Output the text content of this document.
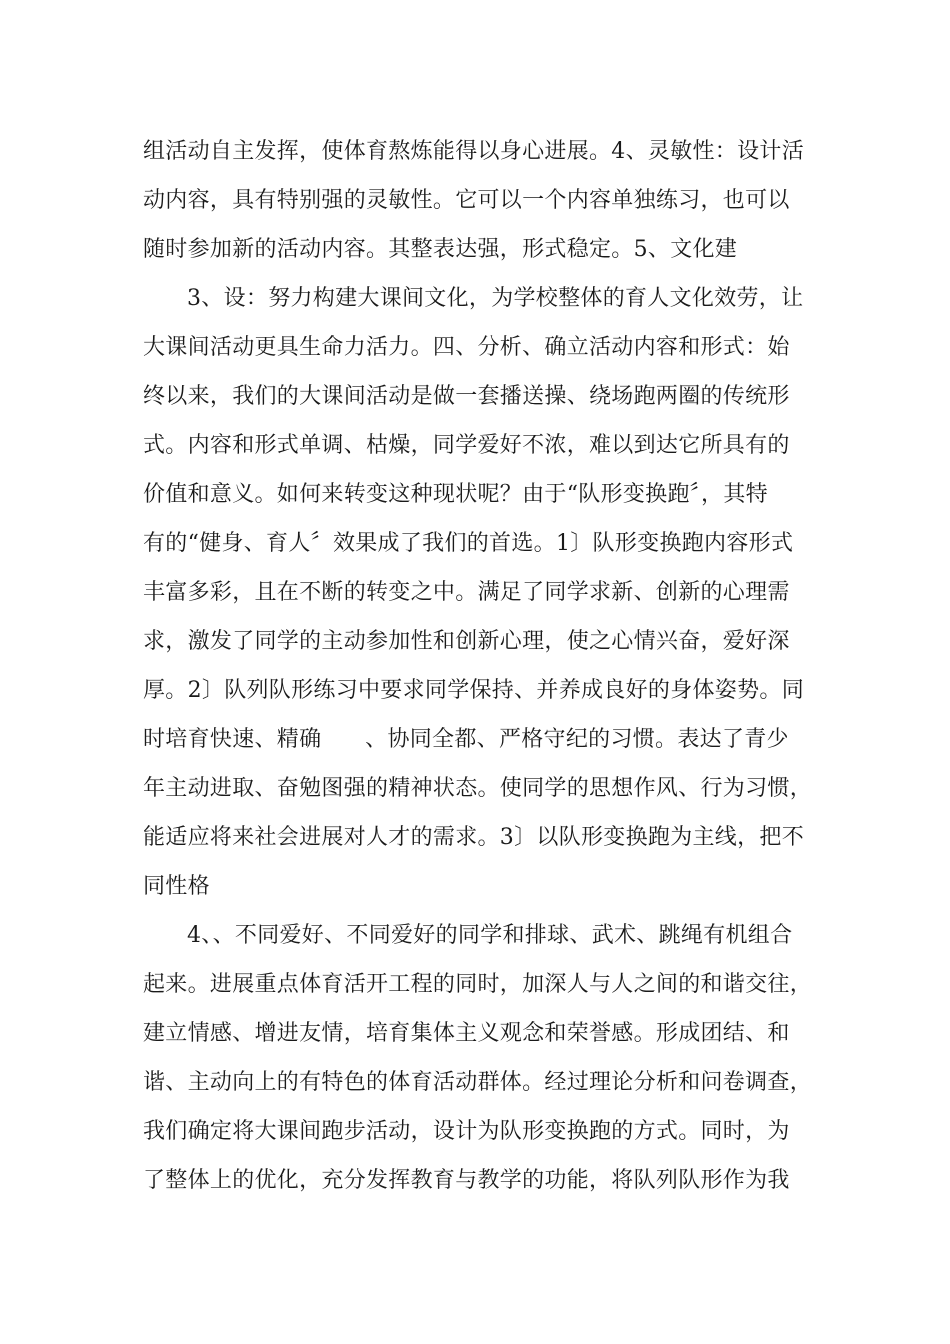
组活动自主发挥，使体育熬炼能得以身心进展。4、灵敏性：设计活
动内容，具有特别强的灵敏性。它可以一个内容单独练习，也可以
随时参加新的活动内容。其整表达强，形式稳定。5、文化建
3、设：努力构建大课间文化，为学校整体的育人文化效劳，让
大课间活动更具生命力活力。四、分析、确立活动内容和形式：始
终以来，我们的大课间活动是做一套播送操、绕场跑两圈的传统形
式。内容和形式单调、枯燥，同学爱好不浓，难以到达它所具有的
价值和意义。如何来转变这种现状呢？由于“队形变换跑〞，其特
有的“健身、育人〞效果成了我们的首选。1〕队形变换跑内容形式
丰富多彩，且在不断的转变之中。满足了同学求新、创新的心理需
求，激发了同学的主动参加性和创新心理，使之心情兴奋，爱好深
厚。2〕队列队形练习中要求同学保持、并养成良好的身体姿势。同
时培育快速、精确      、协同全都、严格守纪的习惯。表达了青少
年主动进取、奋勉图强的精神状态。使同学的思想作风、行为习惯，
能适应将来社会进展对人才的需求。3〕以队形变换跑为主线，把不
同性格
4、、不同爱好、不同爱好的同学和排球、武术、跳绳有机组合
起来。进展重点体育活开工程的同时，加深人与人之间的和谐交往，
建立情感、增进友情，培育集体主义观念和荣誉感。形成团结、和
谐、主动向上的有特色的体育活动群体。经过理论分析和问卷调查，
我们确定将大课间跑步活动，设计为队形变换跑的方式。同时，为
了整体上的优化，充分发挥教育与教学的功能，将队列队形作为我
